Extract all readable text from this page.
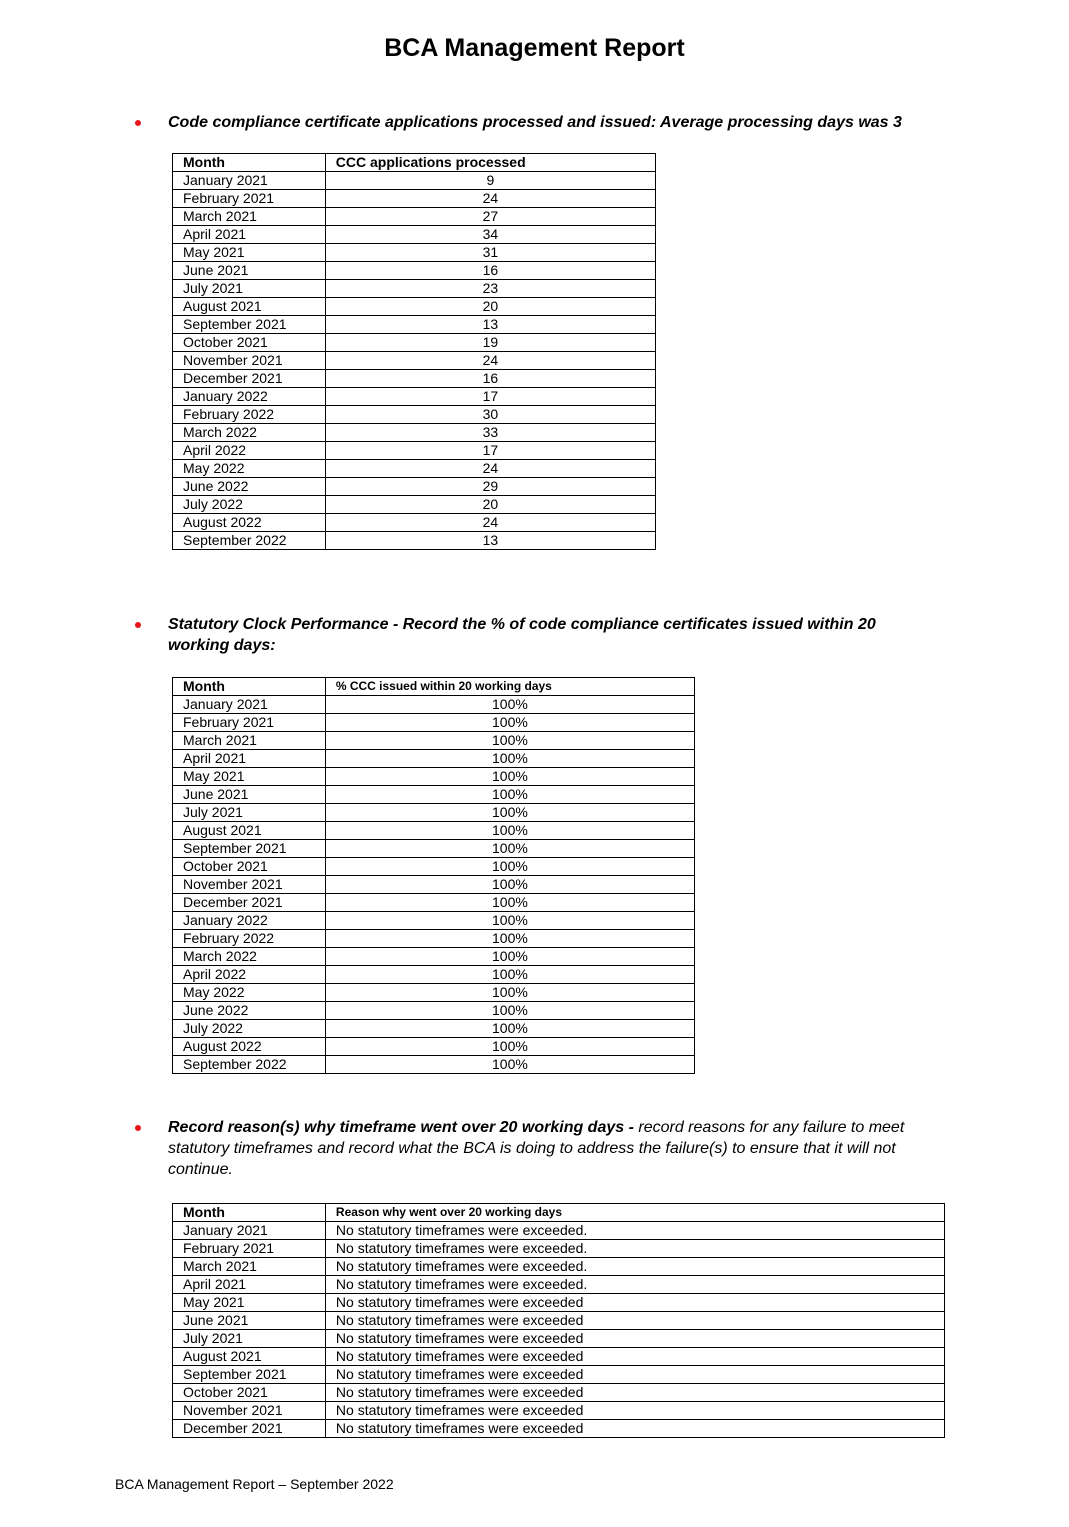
BCA Management Report
Code compliance certificate applications processed and issued: Average processing days was 3
Month	CCC applications processed
January 2021	9
February 2021	24
March 2021	27
April 2021	34
May 2021	31
June 2021	16
July 2021	23
August 2021	20
September 2021	13
October 2021	19
November 2021	24
December 2021	16
January 2022	17
February 2022	30
March 2022	33
April 2022	17
May 2022	24
June 2022	29
July 2022	20
August 2022	24
September 2022	13
Statutory Clock Performance - Record the % of code compliance certificates issued within 20
working days:
Month	% CCC issued within 20 working days
January 2021	100%
February 2021	100%
March 2021	100%
April 2021	100%
May 2021	100%
June 2021	100%
July 2021	100%
August 2021	100%
September 2021	100%
October 2021	100%
November 2021	100%
December 2021	100%
January 2022	100%
February 2022	100%
March 2022	100%
April 2022	100%
May 2022	100%
June 2022	100%
July 2022	100%
August 2022	100%
September 2022	100%
Record reason(s) why timeframe went over 20 working days - record reasons for any failure to meet
statutory timeframes and record what the BCA is doing to address the failure(s) to ensure that it will not
continue.
Month	Reason why went over 20 working days
January 2021	No statutory timeframes were exceeded.
February 2021	No statutory timeframes were exceeded.
March 2021	No statutory timeframes were exceeded.
April 2021	No statutory timeframes were exceeded.
May 2021	No statutory timeframes were exceeded
June 2021	No statutory timeframes were exceeded
July 2021	No statutory timeframes were exceeded
August 2021	No statutory timeframes were exceeded
September 2021	No statutory timeframes were exceeded
October 2021	No statutory timeframes were exceeded
November 2021	No statutory timeframes were exceeded
December 2021	No statutory timeframes were exceeded
BCA Management Report – September 2022
